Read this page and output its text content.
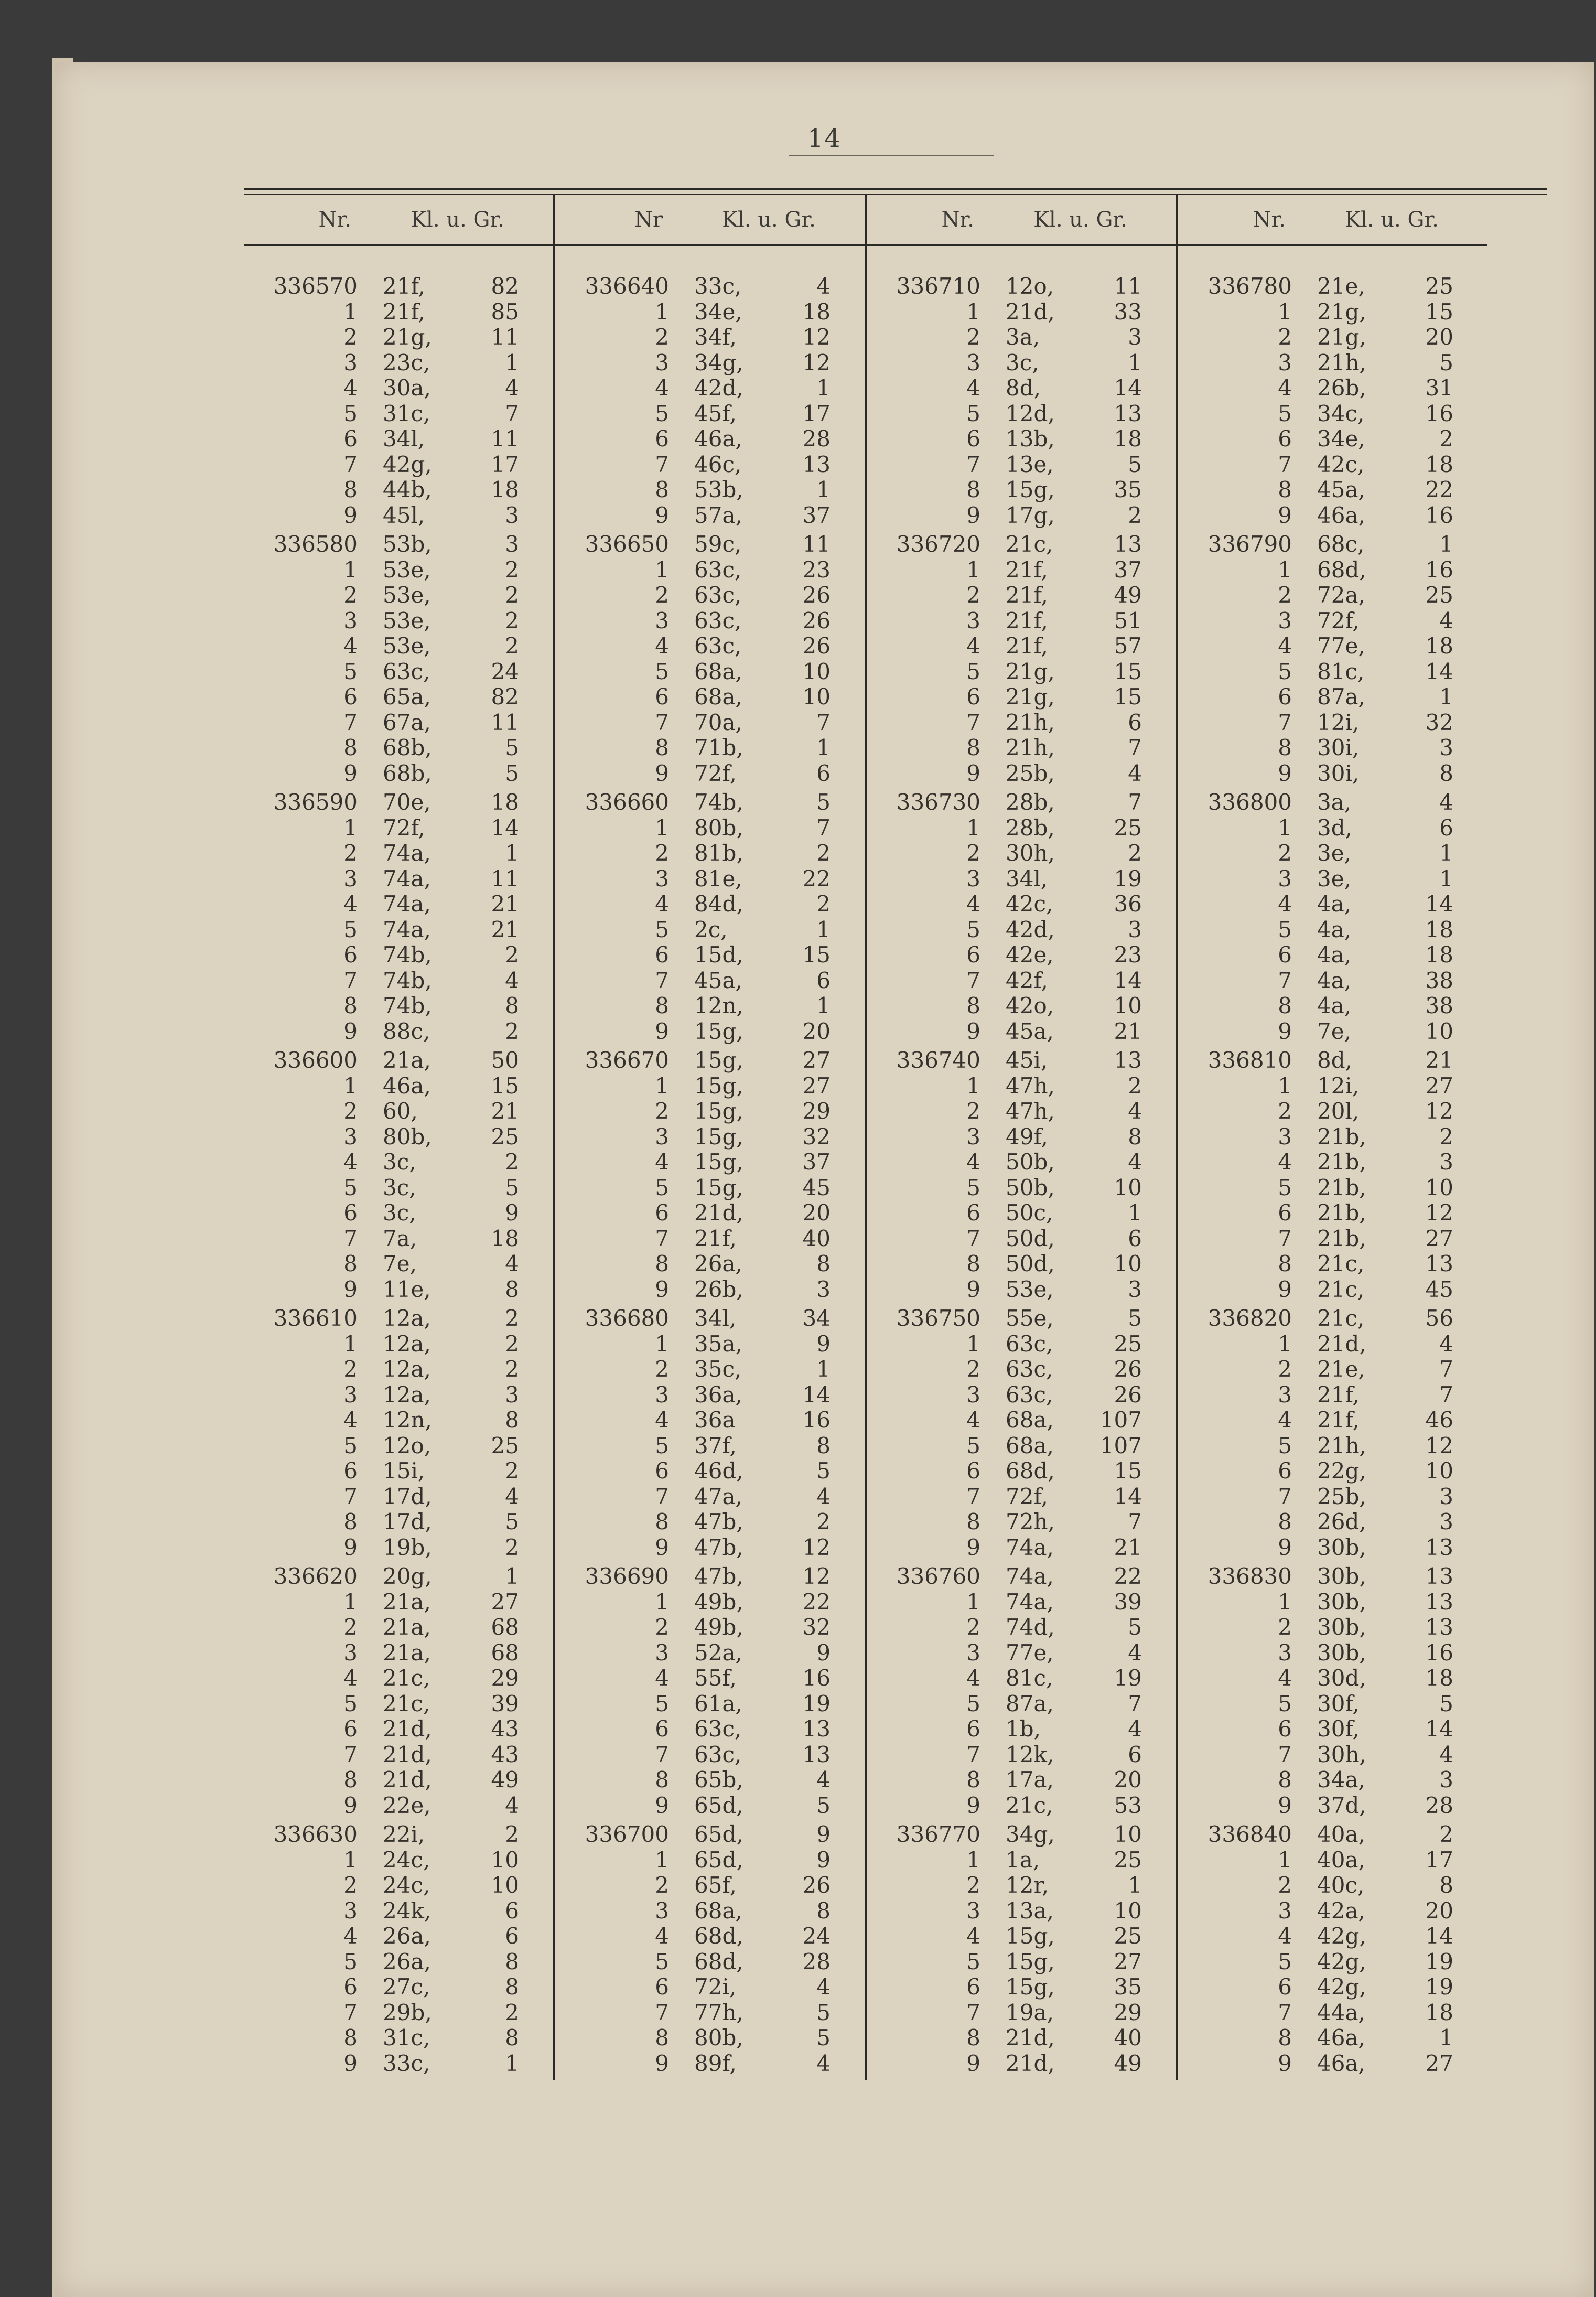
14
Nr.	Kl. u. Gr.
336570	21f,	82
1	21f,	85
2	21g,	11
3	23c,	1
4	30a,	4
5	31c,	7
6	34l,	11
7	42g,	17
8	44b,	18
9	45l,	3
336580	53b,	3
1	53e,	2
2	53e,	2
3	53e,	2
4	53e,	2
5	63c,	24
6	65a,	82
7	67a,	11
8	68b,	5
9	68b,	5
336590	70e,	18
1	72f,	14
2	74a,	1
3	74a,	11
4	74a,	21
5	74a,	21
6	74b,	2
7	74b,	4
8	74b,	8
9	88c,	2
336600	21a,	50
1	46a,	15
2	60,	21
3	80b,	25
4	3c,	2
5	3c,	5
6	3c,	9
7	7a,	18
8	7e,	4
9	11e,	8
336610	12a,	2
1	12a,	2
2	12a,	2
3	12a,	3
4	12n,	8
5	12o,	25
6	15i,	2
7	17d,	4
8	17d,	5
9	19b,	2
336620	20g,	1
1	21a,	27
2	21a,	68
3	21a,	68
4	21c,	29
5	21c,	39
6	21d,	43
7	21d,	43
8	21d,	49
9	22e,	4
336630	22i,	2
1	24c,	10
2	24c,	10
3	24k,	6
4	26a,	6
5	26a,	8
6	27c,	8
7	29b,	2
8	31c,	8
9	33c,	1
Nr	Kl. u. Gr.
336640	33c,	4
1	34e,	18
2	34f,	12
3	34g,	12
4	42d,	1
5	45f,	17
6	46a,	28
7	46c,	13
8	53b,	1
9	57a,	37
336650	59c,	11
1	63c,	23
2	63c,	26
3	63c,	26
4	63c,	26
5	68a,	10
6	68a,	10
7	70a,	7
8	71b,	1
9	72f,	6
336660	74b,	5
1	80b,	7
2	81b,	2
3	81e,	22
4	84d,	2
5	2c,	1
6	15d,	15
7	45a,	6
8	12n,	1
9	15g,	20
336670	15g,	27
1	15g,	27
2	15g,	29
3	15g,	32
4	15g,	37
5	15g,	45
6	21d,	20
7	21f,	40
8	26a,	8
9	26b,	3
336680	34l,	34
1	35a,	9
2	35c,	1
3	36a,	14
4	36a	16
5	37f,	8
6	46d,	5
7	47a,	4
8	47b,	2
9	47b,	12
336690	47b,	12
1	49b,	22
2	49b,	32
3	52a,	9
4	55f,	16
5	61a,	19
6	63c,	13
7	63c,	13
8	65b,	4
9	65d,	5
336700	65d,	9
1	65d,	9
2	65f,	26
3	68a,	8
4	68d,	24
5	68d,	28
6	72i,	4
7	77h,	5
8	80b,	5
9	89f,	4
Nr.	Kl. u. Gr.
336710	12o,	11
1	21d,	33
2	3a,	3
3	3c,	1
4	8d,	14
5	12d,	13
6	13b,	18
7	13e,	5
8	15g,	35
9	17g,	2
336720	21c,	13
1	21f,	37
2	21f,	49
3	21f,	51
4	21f,	57
5	21g,	15
6	21g,	15
7	21h,	6
8	21h,	7
9	25b,	4
336730	28b,	7
1	28b,	25
2	30h,	2
3	34l,	19
4	42c,	36
5	42d,	3
6	42e,	23
7	42f,	14
8	42o,	10
9	45a,	21
336740	45i,	13
1	47h,	2
2	47h,	4
3	49f,	8
4	50b,	4
5	50b,	10
6	50c,	1
7	50d,	6
8	50d,	10
9	53e,	3
336750	55e,	5
1	63c,	25
2	63c,	26
3	63c,	26
4	68a,	107
5	68a,	107
6	68d,	15
7	72f,	14
8	72h,	7
9	74a,	21
336760	74a,	22
1	74a,	39
2	74d,	5
3	77e,	4
4	81c,	19
5	87a,	7
6	1b,	4
7	12k,	6
8	17a,	20
9	21c,	53
336770	34g,	10
1	1a,	25
2	12r,	1
3	13a,	10
4	15g,	25
5	15g,	27
6	15g,	35
7	19a,	29
8	21d,	40
9	21d,	49
Nr.	Kl. u. Gr.
336780	21e,	25
1	21g,	15
2	21g,	20
3	21h,	5
4	26b,	31
5	34c,	16
6	34e,	2
7	42c,	18
8	45a,	22
9	46a,	16
336790	68c,	1
1	68d,	16
2	72a,	25
3	72f,	4
4	77e,	18
5	81c,	14
6	87a,	1
7	12i,	32
8	30i,	3
9	30i,	8
336800	3a,	4
1	3d,	6
2	3e,	1
3	3e,	1
4	4a,	14
5	4a,	18
6	4a,	18
7	4a,	38
8	4a,	38
9	7e,	10
336810	8d,	21
1	12i,	27
2	20l,	12
3	21b,	2
4	21b,	3
5	21b,	10
6	21b,	12
7	21b,	27
8	21c,	13
9	21c,	45
336820	21c,	56
1	21d,	4
2	21e,	7
3	21f,	7
4	21f,	46
5	21h,	12
6	22g,	10
7	25b,	3
8	26d,	3
9	30b,	13
336830	30b,	13
1	30b,	13
2	30b,	13
3	30b,	16
4	30d,	18
5	30f,	5
6	30f,	14
7	30h,	4
8	34a,	3
9	37d,	28
336840	40a,	2
1	40a,	17
2	40c,	8
3	42a,	20
4	42g,	14
5	42g,	19
6	42g,	19
7	44a,	18
8	46a,	1
9	46a,	27
